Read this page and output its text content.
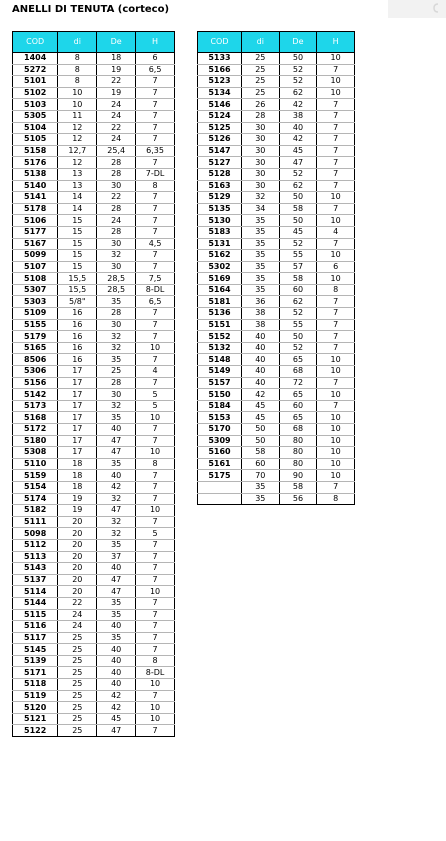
ANELLI DI TENUTA (corteco)
COD	di	De	H
1404	8	18	6
5272	8	19	6,5
5101	8	22	7
5102	10	19	7
5103	10	24	7
5305	11	24	7
5104	12	22	7
5105	12	24	7
5158	12,7	25,4	6,35
5176	12	28	7
5138	13	28	7-DL
5140	13	30	8
5141	14	22	7
5178	14	28	7
5106	15	24	7
5177	15	28	7
5167	15	30	4,5
5099	15	32	7
5107	15	30	7
5108	15,5	28,5	7,5
5307	15,5	28,5	8-DL
5303	5/8"	35	6,5
5109	16	28	7
5155	16	30	7
5179	16	32	7
5165	16	32	10
8506	16	35	7
5306	17	25	4
5156	17	28	7
5142	17	30	5
5173	17	32	5
5168	17	35	10
5172	17	40	7
5180	17	47	7
5308	17	47	10
5110	18	35	8
5159	18	40	7
5154	18	42	7
5174	19	32	7
5182	19	47	10
5111	20	32	7
5098	20	32	5
5112	20	35	7
5113	20	37	7
5143	20	40	7
5137	20	47	7
5114	20	47	10
5144	22	35	7
5115	24	35	7
5116	24	40	7
5117	25	35	7
5145	25	40	7
5139	25	40	8
5171	25	40	8-DL
5118	25	40	10
5119	25	42	7
5120	25	42	10
5121	25	45	10
5122	25	47	7
COD	di	De	H
5133	25	50	10
5166	25	52	7
5123	25	52	10
5134	25	62	10
5146	26	42	7
5124	28	38	7
5125	30	40	7
5126	30	42	7
5147	30	45	7
5127	30	47	7
5128	30	52	7
5163	30	62	7
5129	32	50	10
5135	34	58	7
5130	35	50	10
5183	35	45	4
5131	35	52	7
5162	35	55	10
5302	35	57	6
5169	35	58	10
5164	35	60	8
5181	36	62	7
5136	38	52	7
5151	38	55	7
5152	40	50	7
5132	40	52	7
5148	40	65	10
5149	40	68	10
5157	40	72	7
5150	42	65	10
5184	45	60	7
5153	45	65	10
5170	50	68	10
5309	50	80	10
5160	58	80	10
5161	60	80	10
5175	70	90	10
	35	58	7
	35	56	8
